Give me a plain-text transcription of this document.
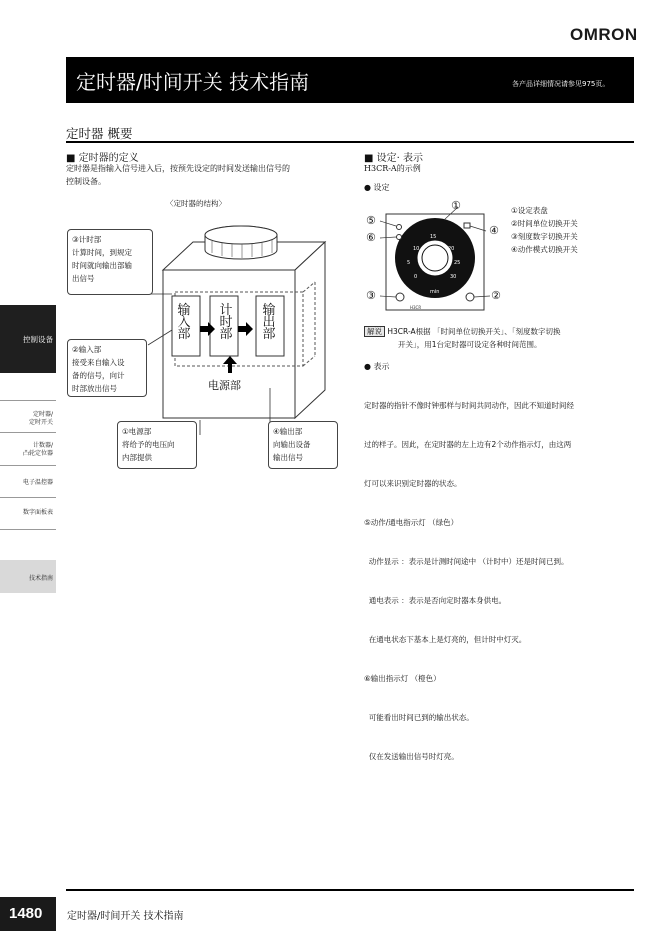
OMRON
定时器/时间开关 技术指南	各产品详细情况请参见975页。
定时器 概要
控制设备
定时器/
定时开关
计数器/
凸轮定位器
电子温控器
数字面板表
技术指南
■ 定时器的定义
定时器是指输入信号进入后，按预先设定的时间发送输出信号的
控制设备。
〈定时器的结构〉
输
入
部
计
时
部
输
出
部
电源部
③计时部
计算时间，到规定
时间就向输出部输
出信号
②输入部
接受来自输入设
备的信号，向计
时部放出信号
①电源部
将给予的电压向
内部提供
④输出部
向输出设备
输出信号
■ 设定· 表示
H3CR-A的示例
● 设定
10
5
0
15
20
25
30
min
H3CR
⑤
⑥
①
④
③	②
①设定表盘
②时间单位切换开关
③刻度数字切换开关
④动作模式切换开关
解说 H3CR-A根据 「时间单位切换开关」、「刻度数字切换
开关」，用1台定时器可设定各种时间范围。
● 表示

定时器的指针不像时钟那样与时间共同动作，因此不知道时间经

过的样子。因此，在定时器的左上边有2个动作指示灯，由这两

灯可以来识别定时器的状态。

⑤动作/通电指示灯 （绿色）

动作显示 ：表示是计测时间途中 （计时中）还是时间已到。

通电表示 ：表示是否向定时器本身供电。

在通电状态下基本上是灯亮的，但计时中灯灭。

⑥输出指示灯 （橙色）

可能看出时间已到的输出状态。

仅在发送输出信号时灯亮。

1480 定时器/时间开关 技术指南
